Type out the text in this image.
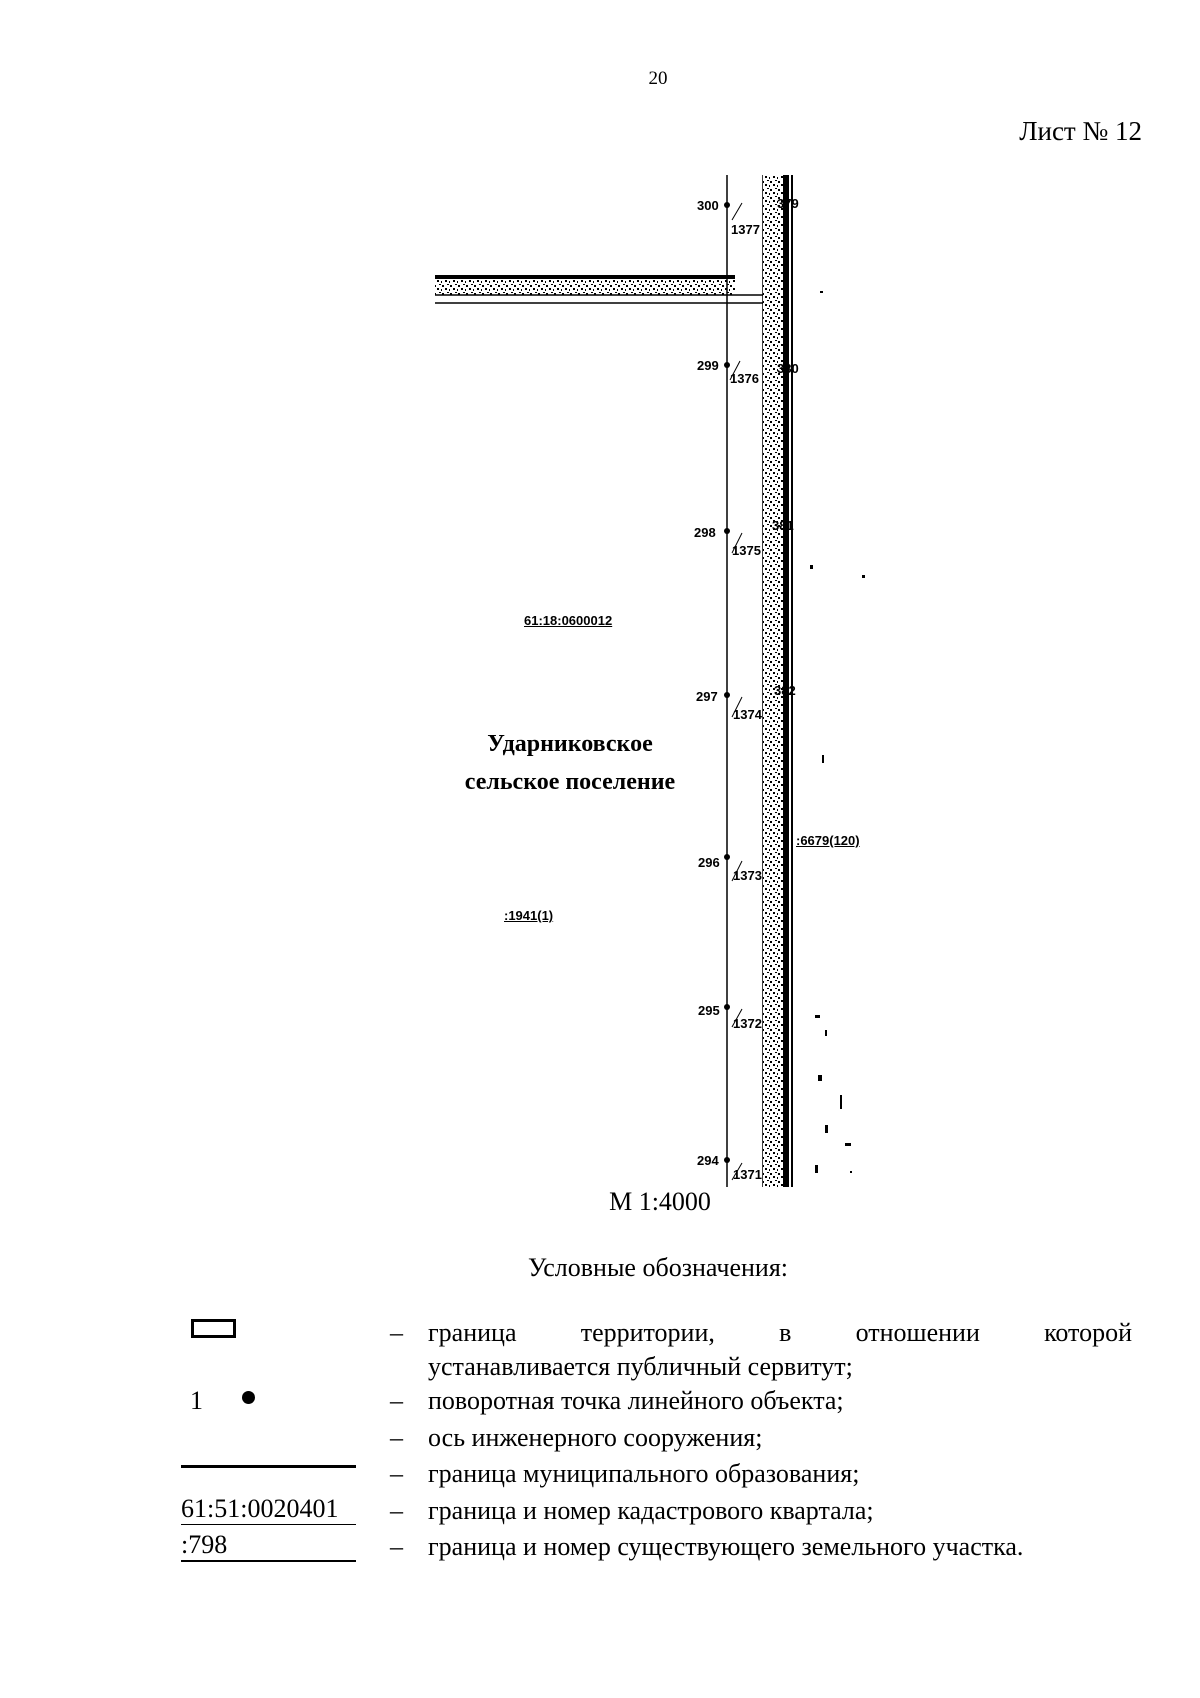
20
Лист № 12
300
1377
379
299
1376
380
298
1375
381
297
1374
382
296
1373
295
1372
294
1371
61:18:0600012
:1941(1)
:6679(120)
Ударниковское
сельское поселение
М 1:4000
Условные обозначения:
– граница территории, в отношении которой
устанавливается публичный сервитут;
1	– поворотная точка линейного объекта;
– ось инженерного сооружения;
– граница муниципального образования;
61:51:0020401	– граница и номер кадастрового квартала;
:798	– граница и номер существующего земельного участка.
